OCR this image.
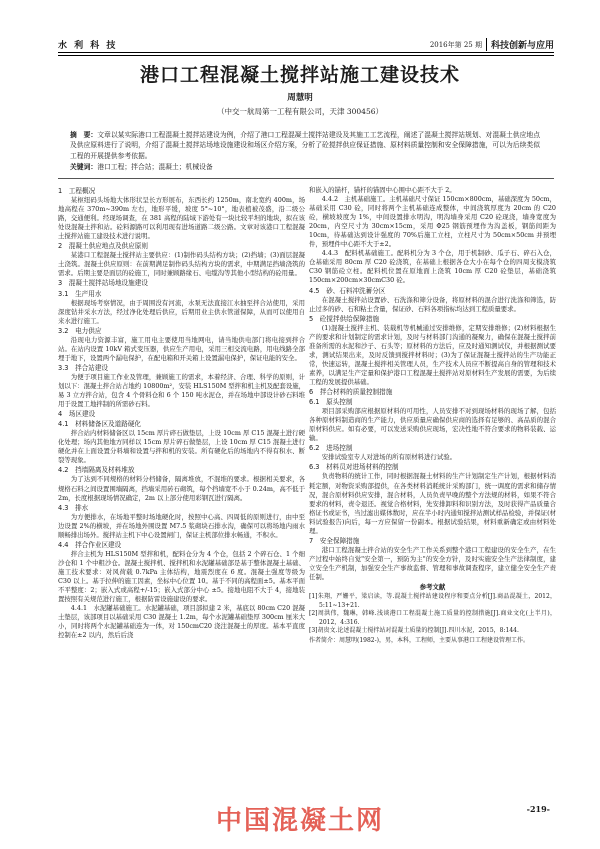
水 利 科 技	2016年第 25 期	科技创新与应用
港口工程混凝土搅拌站施工建设技术
周慧明
（中交一航局第一工程有限公司，天津 300456）
摘　要：文章以某实际港口工程混凝土搅拌站建设为例，介绍了港口工程混凝土搅拌站建设及其施工工艺流程，阐述了混凝土搅拌站规划、对混凝土供应地点及供应原料进行了说明，介绍了混凝土搅拌站场地设施建设和场区介绍方案，分析了砼搅拌供应保证措施、原材料质量控制和安全保障措施，可以为后续类似工程的开展提供参考依据。
关键词：港口工程；拌合站；混凝土；机械设备
1　工程概况
某枢纽码头场地大体形状呈长方形展布，东西长约 1250m，南北宽约 400m，场地高程在 370m~390m 左右，地形平缓，坡度 5°~10°，地表植被茂盛，沿二级公路，交通便利。经现场调查，在 381 高程的陆域下游处有一块比较平坦的地块，拟在该处设混凝土拌和站。砼料源路可以利用现有进场道路二级公路。文章对该港口工程混凝土搅拌站施工建设技术进行说明。
2　混凝土供应地点及供应原则
某港口工程混凝土搅拌站主要供应：(1)制作码头结构方块；(2)挡墙；(3)面层混凝土浇筑。混凝土供应原则：在前期满足制作码头结构方块的需求，中期满足挡墙浇筑的需求。后期主要是面层的砼施工，同时兼顾路缘石、电缆沟等其他小型结构的砼用量。
3　混凝土搅拌站场地设施建设
3.1　生产用水
根据现场考察情况，由于周围没有河流，水泵无法直接江水抽至拌合站使用，采用深度钻井采水方法，经过净化处理后供应，后期用业主供水管道保障，从而可以使用自来水进行施工。
3.2　电力供应
沿现电力资源丰富，施工用电主要使用当地网电，请当地供电部门将电接到拌合站。在站内设置 10kV 箱式变压器，供应生产用电，采用三相交流电路，用电线路全部埋于地下，设置两个漏电保护，在配电箱和开关箱上设置漏电保护，保证电能的安全。
3.3　拌合站建设
为便于项目施工作业及管理，兼顾施工的需求，本着经济、合理、科学的原则，计划以下：混凝土拌合站占地约 10800m²，安装 HLS150M 型拌和机主机及配套设施，易 3 立方拌合站，包含 4 个骨料仓和 6 个 150 吨水泥仓，并在场地中部设计砂石料堆用于设置工地拌制的所需砂石料。
4　场区建设
4.1　材料储备区及道路硬化
拌合站内材料储备区以 15cm 厚片碎石做垫层，上设 10cm 厚 C15 混凝土进行硬化处理；场内其他地方同样以 15cm 厚片碎石做垫层，上设 10cm 厚 C15 混凝土进行硬化并在上面设置分料墙和设置与拌和机的安装。所有硬化后的场地内不得有积水、断裂等现象。
4.2　挡墙隔离及材料堆放
为了达到不同规格的材料分档储备，隔离堆放，不混堆的要求。根据相关要求，各规格石料之间设置围墙隔离，挡墙采用砖石砌筑，每个挡墙宽不小于 0.24m，高不低于 2m，长度根据现场情况确定，2m 以上部分使用彩钢瓦进行隔离。
4.3　排水
为方便排水，在场地平整时场地硬化时，按照中心高、四周低的原则进行，由中至边设置 2%的横坡，并在场地外围设置 M7.5 浆砌块石排水沟，确保可以将场地内雨水顺畅排出场外。搅拌站主机下中心设置闸门，保证主机部位排水畅通，不积水。
4.4　拌合作业区建设
拌合主机为 HLS150M 型拌和机，配料仓分为 4 个仓，包括 2 个碎石仓、1 个细沙仓和 1 个中粗沙仓。混凝土搅拌机、搅拌机和水泥罐基础部是基于整体混凝土基础、施工技术要求：对风荷载 0.7kPa 主体结构，地震烈度在 6 度。混凝土强度等级为 C30 以上。基于拉伸的施工因素，坐标中心位置 10。基于不同的高程面±5。基本平面不平整度：2；嵌入式或高程+/-15；嵌入式部分中心 ±5。接地电阻不大于 4，接地装置按照有关规范进行施工，根据防雷设施建设的要求。
4.4.1　水泥罐基础施工。水泥罐基础，项目部拟建 2 米，基底以 80cm C20 混凝土垫层，该部项目以基础采用 C30 混凝土 1.2m，每个水泥罐基础垫厚 300cm 厘米大小，同时将两个水泥罐基础连为一体，对 150cmC20 浇注混凝土的厚度。基本平直度控制在±2 以内，然后后浇
和嵌入的锚杆，锚杆的锚固中心围中心距不大于 2。
4.4.2　主机基础施工。主机基础尺寸保证 150cm×800cm，基础深度为 50cm，基础采用 C30 砼，同时将两个主机基础连成整体，中间浇筑厚度为 20cm 的 C20 砼，横坡坡度为 1%，中间设置排水明沟，明沟墙身采用 C20 砼现浇，墙身宽度为 20cm，内空尺寸为 30cm×15cm，采用 Φ25 钢筋预埋作为沟盖板，钢筋间距为 10cm，待基础达到设计强度的 70%后施工立柱，立柱尺寸为 50cm×50cm 并预埋件，预埋件中心距不大于±2。
4.4.3　配料机基础施工。配料机分为 3 个仓，用于机制砂、瓜子石、碎石入仓，仓基础采用 80cm 厚 C20 砼浇筑，在基础上根据各仓大小在每个仓的四周支模浇筑 C30 钢筋砼立柱。配料机位置在原地面上浇筑 10cm 厚 C20 砼垫层，基础浇筑 150cm×200cm×30cmC30 砼。
4.5　砂、石料冲洗蓄分区
在混凝土搅拌站设置砂、石洗涤和筛分设备，将原材料的混合进行洗涤和筛选，防止过多的砂、石和粘土含量，保证砂、石料各项指标均达到工程质量要求。
5　砼搅拌供给保障措施
(1)混凝土搅拌主机、装载机等机械通过安排维修，定期安排维修；(2)材料根据生产的要求和计划制定的需求计划，及时与材料部门沟通的凝聚力，确保在混凝土搅拌前准备所需的水泥和沙子、石头等；原材料的方法后，应及时通知测试仪，并根据测试要求，测试结果出来，及时反馈到搅拌材料时；(3)为了保证混凝土搅拌站的生产功能正常，快速运转，混凝土搅拌相关管理人员，生产技术人员应不断提高自身的管理和技术素养，以满足生产定量和保护港口工程混凝土搅拌站对原材料生产发展的需要，为后续工程的发展提供基础。
6　拌合材料的质量控制措施
6.1　原头控制
项目部采购部应根据原材料的可用性，人员安排不对到现场材料的现场了解，包括各种原材料制造商的生产能力，供应质量应确保供应商的选择有足够的、高品质的混合原材料供应。如有必要，可以发送采购供应现场，宏决性地不符合要求的物料装载、运输。
6.2　进场控制
安排试验室专人对进场的所有原材料进行试验。
6.3　材料员对进场材料的控制
负责物料的统计工作，同时根据混凝土材料的生产计划制定生产计划，根据材料消耗定额，对物资采购部提供，在各类材料消耗统计采购部门，统一调度的需求和储存情况，混合原材料供应安排，混合材料，人员负责早晚的整个方法规的材料，如果不符合要求的材料，责令退还。视觉合格材料，先安排卸料和识别方法，及时获得产品质量合格证书或证书，当过滤出媒体数时，应在半小时内通知搅拌站测试样品检验，并保证(材料试验报告)向后，每一方应保留一份副本。根据试验结果，材料重新确定或由材料处理。
7　安全保障措施
港口工程混凝土拌合站的安全生产工作关系到整个港口工程建设的安全生产，在生产过程中始终自觉"安全第一，预防为主"的安全方针，及时实施安全生产法律制度，建立安全生产机制，加强安全生产事故监督、管理和事故调查程序，建立健全安全生产责任制。
参考文献
[1]朱翔，严姗平，梁启读，等.混凝土搅拌站建设程序和要点分析[J].商品混凝土，2012，5:11~13+21.
[2]周洪伟，魏琳，韩峰.浅谈港口工程混凝土施工质量的控制措施[J].商业文化(上半月)，2012，4:316.
[3]胡贵文.论述混凝土搅拌站对混凝土质量的控制[J].四川水泥，2015，8:144.
作者简介：周慧明(1982-)，男，本科，工程师，主要从事港口工程建设管理工作。
中国混凝土网	-219-
